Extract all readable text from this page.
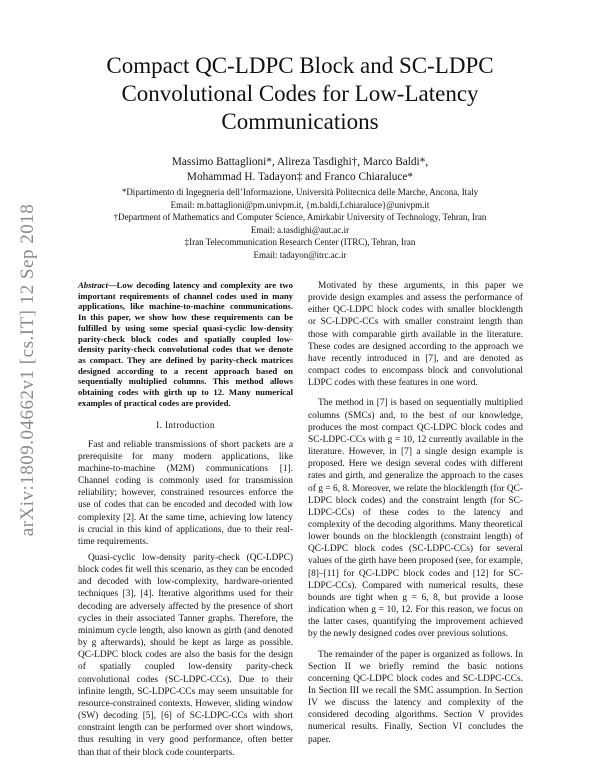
arXiv:1809.04662v1 [cs.IT] 12 Sep 2018
Compact QC-LDPC Block and SC-LDPC Convolutional Codes for Low-Latency Communications
Massimo Battaglioni*, Alireza Tasdighi†, Marco Baldi*,
Mohammad H. Tadayon‡ and Franco Chiaraluce*
*Dipartimento di Ingegneria dell’Informazione, Università Politecnica delle Marche, Ancona, Italy
Email: m.battaglioni@pm.univpm.it, {m.baldi,f.chiaraluce}@univpm.it
†Department of Mathematics and Computer Science, Amirkabir University of Technology, Tehran, Iran
Email: a.tasdighi@aut.ac.ir
‡Iran Telecommunication Research Center (ITRC), Tehran, Iran
Email: tadayon@itrc.ac.ir
Abstract—Low decoding latency and complexity are two important requirements of channel codes used in many applications, like machine-to-machine communications. In this paper, we show how these requirements can be fulfilled by using some special quasi-cyclic low-density parity-check block codes and spatially coupled low-density parity-check convolutional codes that we denote as compact. They are defined by parity-check matrices designed according to a recent approach based on sequentially multiplied columns. This method allows obtaining codes with girth up to 12. Many numerical examples of practical codes are provided.
I. Introduction

Fast and reliable transmissions of short packets are a prerequisite for many modern applications, like machine-to-machine (M2M) communications [1]. Channel coding is commonly used for transmission reliability; however, constrained resources enforce the use of codes that can be encoded and decoded with low complexity [2]. At the same time, achieving low latency is crucial in this kind of applications, due to their real-time requirements.

Quasi-cyclic low-density parity-check (QC-LDPC) block codes fit well this scenario, as they can be encoded and decoded with low-complexity, hardware-oriented techniques [3], [4]. Iterative algorithms used for their decoding are adversely affected by the presence of short cycles in their associated Tanner graphs. Therefore, the minimum cycle length, also known as girth (and denoted by g afterwards), should be kept as large as possible. QC-LDPC block codes are also the basis for the design of spatially coupled low-density parity-check convolutional codes (SC-LDPC-CCs). Due to their infinite length, SC-LDPC-CCs may seem unsuitable for resource-constrained contexts. However, sliding window (SW) decoding [5], [6] of SC-LDPC-CCs with short constraint length can be performed over short windows, thus resulting in very good performance, often better than that of their block code counterparts.

Motivated by these arguments, in this paper we provide design examples and assess the performance of either QC-LDPC block codes with smaller blocklength or SC-LDPC-CCs with smaller constraint length than those with comparable girth available in the literature. These codes are designed according to the approach we have recently introduced in [7], and are denoted as compact codes to encompass block and convolutional LDPC codes with these features in one word.

The method in [7] is based on sequentially multiplied columns (SMCs) and, to the best of our knowledge, produces the most compact QC-LDPC block codes and SC-LDPC-CCs with g = 10, 12 currently available in the literature. However, in [7] a single design example is proposed. Here we design several codes with different rates and girth, and generalize the approach to the cases of g = 6, 8. Moreover, we relate the blocklength (for QC-LDPC block codes) and the constraint length (for SC-LDPC-CCs) of these codes to the latency and complexity of the decoding algorithms. Many theoretical lower bounds on the blocklength (constraint length) of QC-LDPC block codes (SC-LDPC-CCs) for several values of the girth have been proposed (see, for example, [8]–[11] for QC-LDPC block codes and [12] for SC-LDPC-CCs). Compared with numerical results, these bounds are tight when g = 6, 8, but provide a loose indication when g = 10, 12. For this reason, we focus on the latter cases, quantifying the improvement achieved by the newly designed codes over previous solutions.

The remainder of the paper is organized as follows. In Section II we briefly remind the basic notions concerning QC-LDPC block codes and SC-LDPC-CCs. In Section III we recall the SMC assumption. In Section IV we discuss the latency and complexity of the considered decoding algorithms. Section V provides numerical results. Finally, Section VI concludes the paper.
